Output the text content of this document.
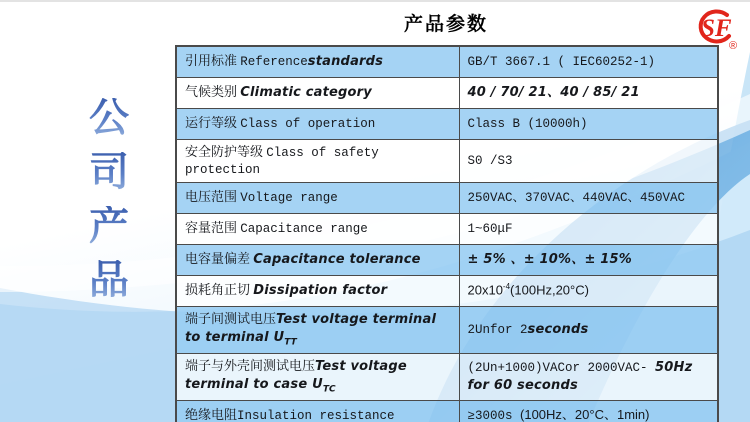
产品参数	SF
®
公
司
产
品
引用标准 Referencestandards	GB/T 3667.1 ( IEC60252-1)
气候类别 Climatic category	40 / 70/ 21、40 / 85/ 21
运行等级 Class of operation	Class B (10000h)
安全防护等级 Class of safety protection	S0 /S3
电压范围 Voltage range	250VAC、370VAC、440VAC、450VAC
容量范围 Capacitance range	1~60μF
电容量偏差 Capacitance tolerance	± 5% 、± 10%、± 15%
损耗角正切 Dissipation factor	$20x10^{-4}(100Hz,20^\circ C)$
端子间测试电压Test voltage terminal to terminal $U_{TT}$	2Unfor 2seconds
端子与外壳间测试电压Test voltage terminal to case $U_{TC}$	(2Un+1000)VACor 2000VAC- 50Hz for 60 seconds
绝缘电阻Insulation resistance	≥3000s (100Hz、20°C、1min)
